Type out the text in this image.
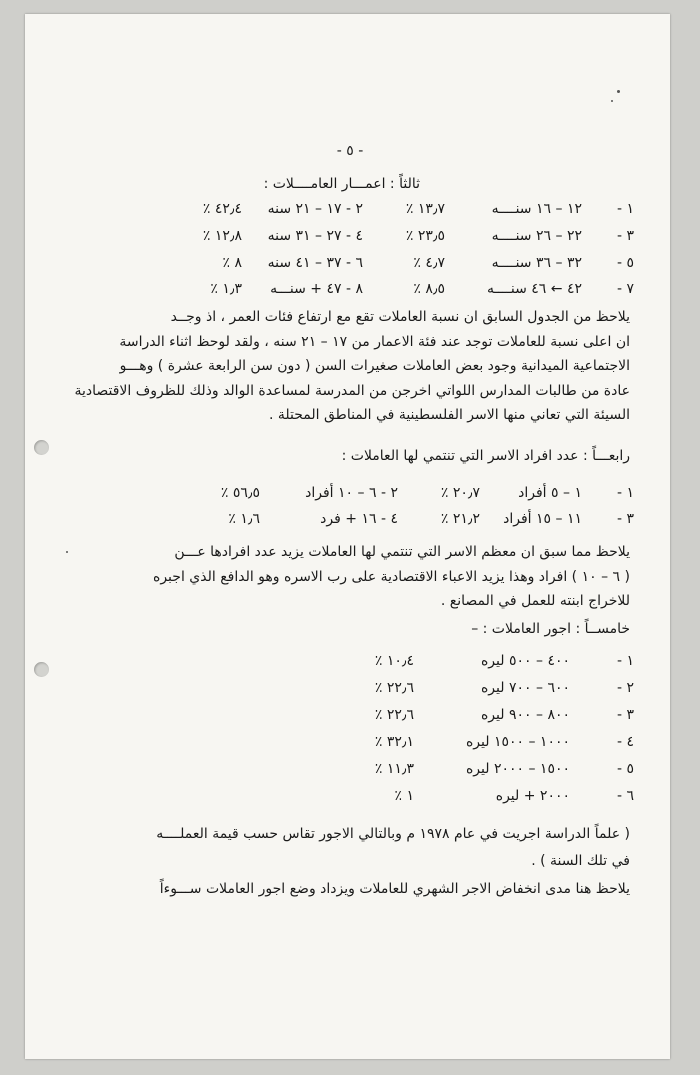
- ٥ -
ثالثاً : اعمـــار العامــــلات :
١ -
١٢ – ١٦ سنــــه
١٣٫٧ ٪
٢ - ١٧ – ٢١ سنه
٤٢٫٤ ٪
٣ -
٢٢ – ٢٦ سنــــه
٢٣٫٥ ٪
٤ - ٢٧ – ٣١ سنه
١٢٫٨ ٪
٥ -
٣٢ – ٣٦ سنــــه
٤٫٧ ٪
٦ - ٣٧ – ٤١ سنه
٨ ٪
٧ -
٤٢ ← ٤٦ سنــــه
٨٫٥ ٪
٨ - ٤٧ + سنـــه
١٫٣ ٪
يلاحظ من الجدول السابق ان نسبة العاملات تقع مع ارتفاع فئات العمر ، اذ وجــد
ان اعلى نسبة للعاملات توجد عند فئة الاعمار من ١٧ – ٢١ سنه ، ولقد لوحظ اثناء الدراسة
الاجتماعية الميدانية وجود بعض العاملات صغيرات السن ( دون سن الرابعة عشرة ) وهـــو
عادة من طالبات المدارس اللواتي اخرجن من المدرسة لمساعدة الوالد وذلك للظروف الاقتصادية
السيئة التي تعاني منها الاسر الفلسطينية في المناطق المحتلة .
رابعـــاً : عدد افراد الاسر التي تنتمي لها العاملات :
١ -
١ – ٥ أفراد
٢٠٫٧ ٪
٢ - ٦ – ١٠ أفراد
٥٦٫٥ ٪
٣ -
١١ – ١٥ أفراد
٢١٫٢ ٪
٤ - ١٦ + فرد
١٫٦ ٪
يلاحظ مما سبق ان معظم الاسر التي تنتمي لها العاملات يزيد عدد افرادها عـــن
( ٦ – ١٠ ) افراد وهذا يزيد الاعباء الاقتصادية على رب الاسره وهو الدافع الذي اجبره
للاخراج ابنته للعمل في المصانع .
خامســاً : اجور العاملات : –
١ -
٤٠٠ – ٥٠٠ ليره
١٠٫٤ ٪
٢ -
٦٠٠ – ٧٠٠ ليره
٢٢٫٦ ٪
٣ -
٨٠٠ – ٩٠٠ ليره
٢٢٫٦ ٪
٤ -
١٠٠٠ – ١٥٠٠ ليره
٣٢٫١ ٪
٥ -
١٥٠٠ – ٢٠٠٠ ليره
١١٫٣ ٪
٦ -
٢٠٠٠ + ليره
١ ٪
( علماً الدراسة اجريت في عام ١٩٧٨ م وبالتالي الاجور تقاس حسب قيمة العملــــه
في تلك السنة ) .
يلاحظ هنا مدى انخفاض الاجر الشهري للعاملات ويزداد وضع اجور العاملات ســـوءاً
